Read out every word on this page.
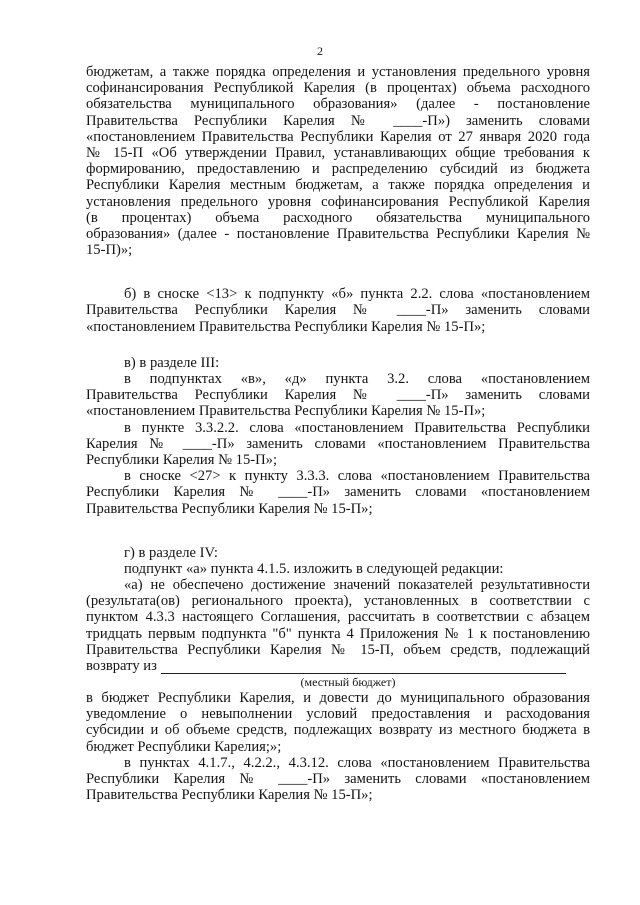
2
бюджетам, а также порядка определения и установления предельного уровня
софинансирования Республикой Карелия (в процентах) объема расходного
обязательства муниципального образования» (далее - постановление
Правительства Республики Карелия № ____-П») заменить словами
«постановлением Правительства Республики Карелия от 27 января 2020 года
№ 15-П «Об утверждении Правил, устанавливающих общие требования к
формированию, предоставлению и распределению субсидий из бюджета
Республики Карелия местным бюджетам, а также порядка определения и
установления предельного уровня софинансирования Республикой Карелия
(в процентах) объема расходного обязательства муниципального
образования» (далее - постановление Правительства Республики Карелия №
15-П)»;
б) в сноске <13> к подпункту «б» пункта 2.2. слова «постановлением
Правительства Республики Карелия № ____-П» заменить словами
«постановлением Правительства Республики Карелия № 15-П»;
в) в разделе III:
в подпунктах «в», «д» пункта 3.2. слова «постановлением
Правительства Республики Карелия № ____-П» заменить словами
«постановлением Правительства Республики Карелия № 15-П»;
в пункте 3.3.2.2. слова «постановлением Правительства Республики
Карелия № ____-П» заменить словами «постановлением Правительства
Республики Карелия № 15-П»;
в сноске <27> к пункту 3.3.3. слова «постановлением Правительства
Республики Карелия № ____-П» заменить словами «постановлением
Правительства Республики Карелия № 15-П»;
г) в разделе IV:
подпункт «а» пункта 4.1.5. изложить в следующей редакции:
«а) не обеспечено достижение значений показателей результативности
(результата(ов) регионального проекта), установленных в соответствии с
пунктом 4.3.3 настоящего Соглашения, рассчитать в соответствии с абзацем
тридцать первым подпункта "б" пункта 4 Приложения № 1 к постановлению
Правительства Республики Карелия № 15-П, объем средств, подлежащий
возврату из
(местный бюджет)
в бюджет Республики Карелия, и довести до муниципального образования
уведомление о невыполнении условий предоставления и расходования
субсидии и об объеме средств, подлежащих возврату из местного бюджета в
бюджет Республики Карелия;»;
в пунктах 4.1.7., 4.2.2., 4.3.12. слова «постановлением Правительства
Республики Карелия № ____-П» заменить словами «постановлением
Правительства Республики Карелия № 15-П»;
